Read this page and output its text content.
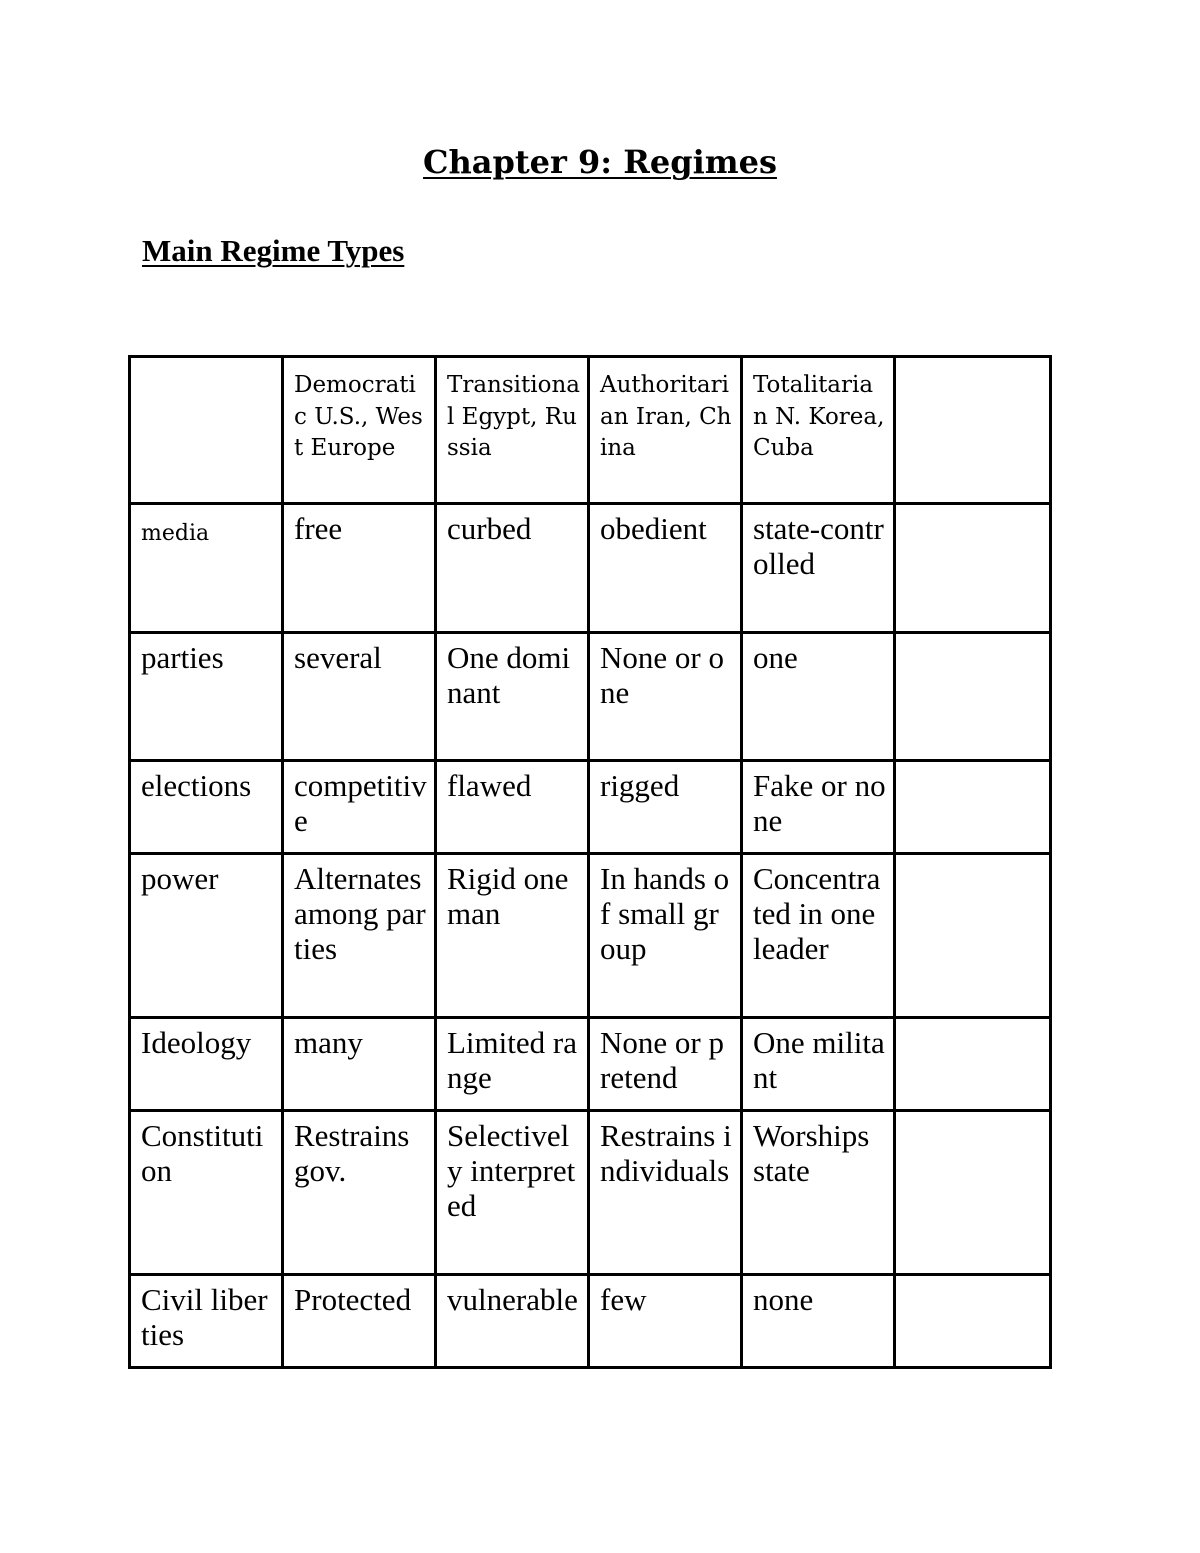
Chapter 9: Regimes
Main Regime Types
	Democratic U.S., West Europe	Transitional Egypt, Russia	Authoritarian Iran, China	Totalitarian N. Korea, Cuba	
media	free	curbed	obedient	state-controlled	
parties	several	One dominant	None or one	one	
elections	competitive	flawed	rigged	Fake or none	
power	Alternates among parties	Rigid one man	In hands of small group	Concentrated in one leader	
Ideology	many	Limited range	None or pretend	One militant	
Constitution	Restrains gov.	Selectively interpreted	Restrains individuals	Worships state	
Civil liberties	Protected	vulnerable	few	none	
